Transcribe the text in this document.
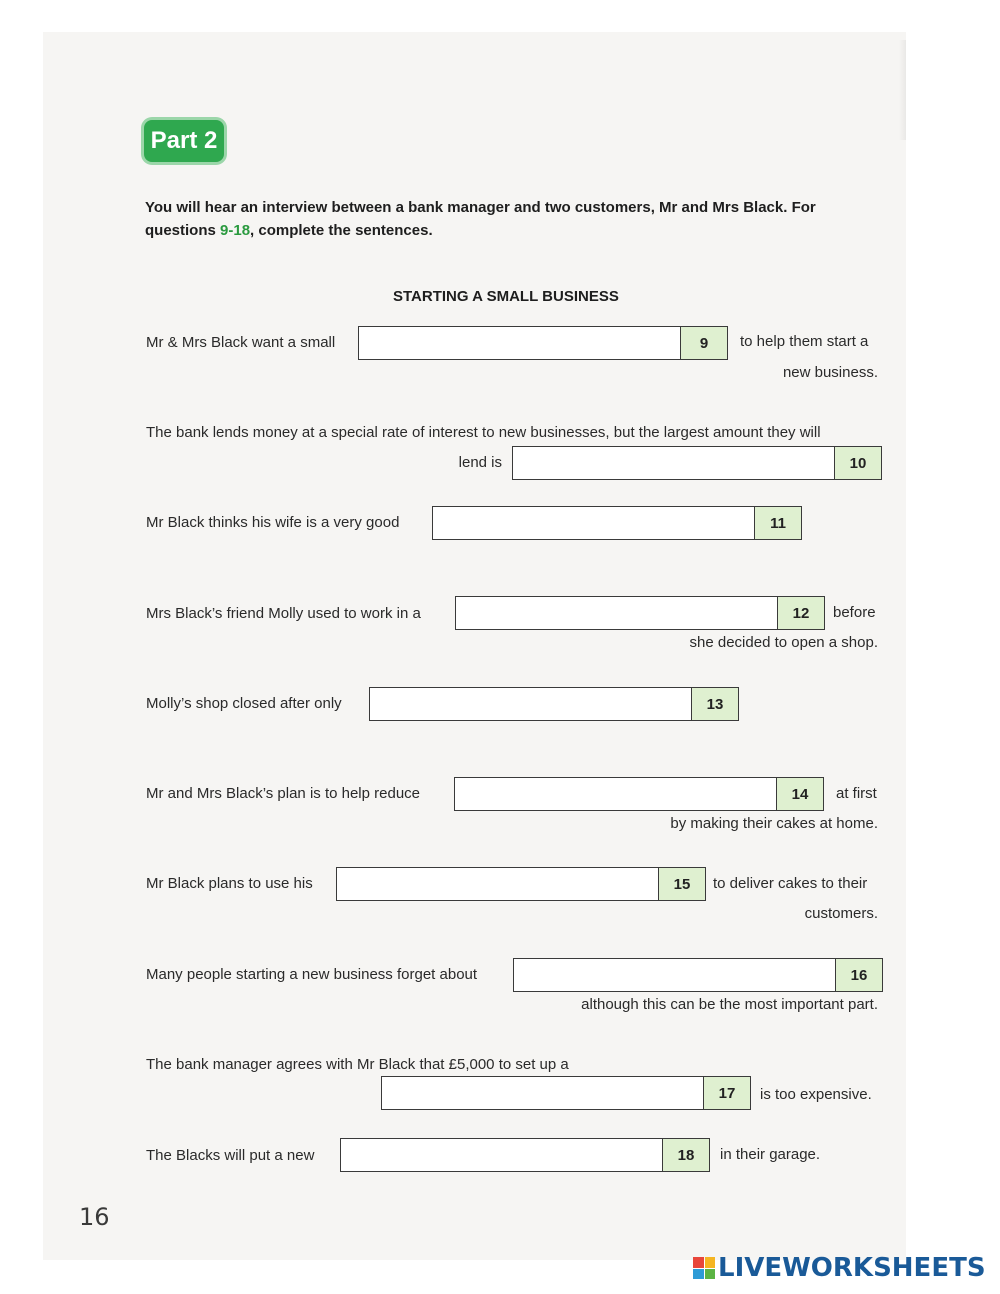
Part 2
You will hear an interview between a bank manager and two customers, Mr and Mrs Black. For questions 9-18, complete the sentences.
STARTING A SMALL BUSINESS
Mr & Mrs Black want a small	9	to help them start a
new business.
The bank lends money at a special rate of interest to new businesses, but the largest amount they will
lend is	10
Mr Black thinks his wife is a very good	11
Mrs Black’s friend Molly used to work in a	12	before
she decided to open a shop.
Molly’s shop closed after only	13
Mr and Mrs Black’s plan is to help reduce	14	at first
by making their cakes at home.
Mr Black plans to use his	15	to deliver cakes to their
customers.
Many people starting a new business forget about	16
although this can be the most important part.
The bank manager agrees with Mr Black that £5,000 to set up a
17	is too expensive.
The Blacks will put a new	18	in their garage.
16
LIVEWORKSHEETS
